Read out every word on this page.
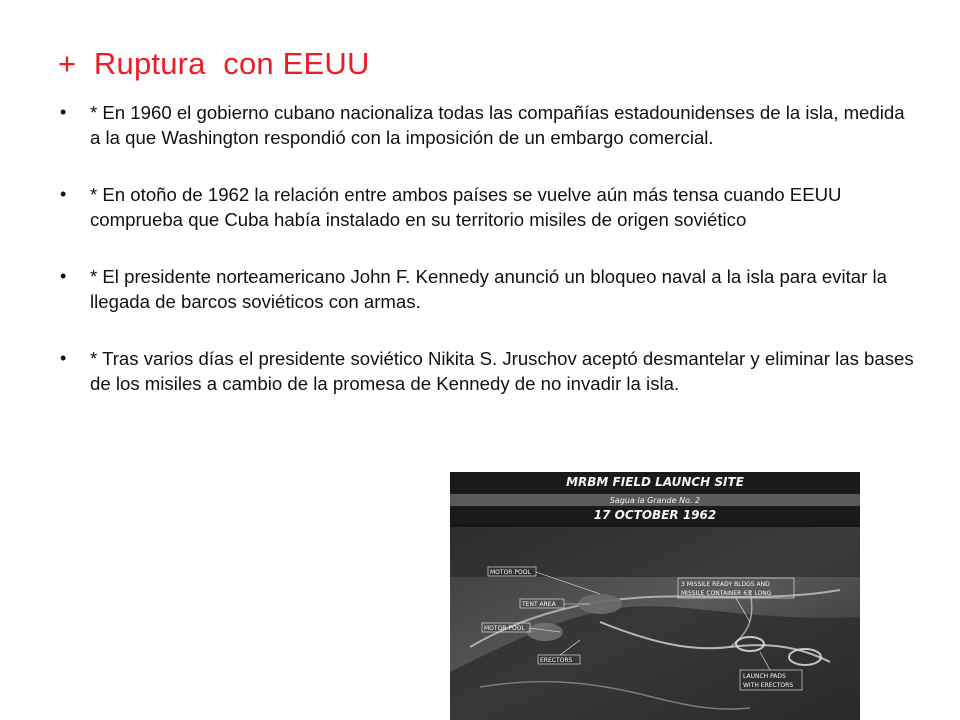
+  Ruptura  con EEUU
• * En 1960 el gobierno cubano nacionaliza todas las compañías estadounidenses de la isla, medida a la que Washington respondió con la imposición de un embargo comercial.
• * En otoño de 1962 la relación entre ambos países se vuelve aún más tensa cuando EEUU comprueba que Cuba había instalado en su territorio misiles de origen soviético
• * El presidente norteamericano John F. Kennedy anunció un bloqueo naval a la isla para evitar la llegada de barcos soviéticos con armas.
• * Tras varios días el presidente soviético Nikita S. Jruschov aceptó desmantelar y eliminar las bases de los misiles a cambio de la promesa de Kennedy de no invadir la isla.
MRBM FIELD LAUNCH SITE
Sagua la Grande No. 2
17 OCTOBER 1962
MOTOR POOL
TENT AREA
MOTOR POOL
ERECTORS
3 MISSILE READY BLDGS AND
MISSILE CONTAINER 63' LONG
LAUNCH PADS
WITH ERECTORS
